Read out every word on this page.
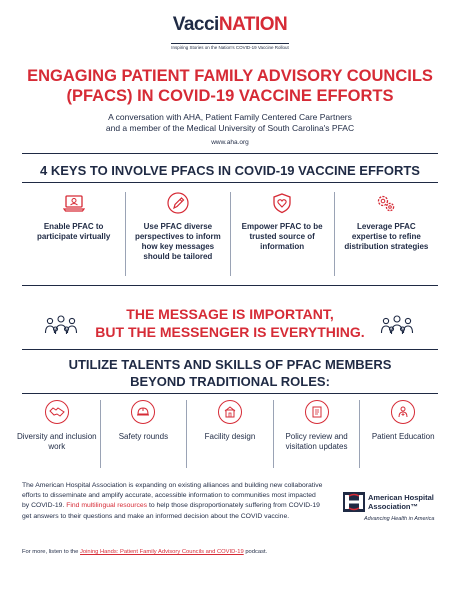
VacciNATION
Inspiring Stories on the Nation's COVID-19 Vaccine Rollout
ENGAGING PATIENT FAMILY ADVISORY COUNCILS
(PFACS) IN COVID-19 VACCINE EFFORTS
A conversation with AHA, Patient Family Centered Care Partners
and a member of the Medical University of South Carolina's PFAC
www.aha.org
4 KEYS TO INVOLVE PFACS IN COVID-19 VACCINE EFFORTS
Enable PFAC to participate virtually
Use PFAC diverse perspectives to inform how key messages should be tailored
Empower PFAC to be trusted source of information
Leverage PFAC expertise to refine distribution strategies
THE MESSAGE IS IMPORTANT,
BUT THE MESSENGER IS EVERYTHING.
UTILIZE TALENTS AND SKILLS OF PFAC MEMBERS
BEYOND TRADITIONAL ROLES:
Diversity and inclusion work
Safety rounds	Facility design	Policy review and visitation updates
Patient Education
The American Hospital Association is expanding on existing alliances and building new collaborative efforts to disseminate and amplify accurate, accessible information to communities most impacted by COVID-19. Find multilingual resources to help those disproportionately suffering from COVID-19 get answers to their questions and make an informed decision about the COVID vaccine.
American Hospital
Association™
Advancing Health in America
For more, listen to the Joining Hands: Patient Family Advisory Councils and COVID-19 podcast.
